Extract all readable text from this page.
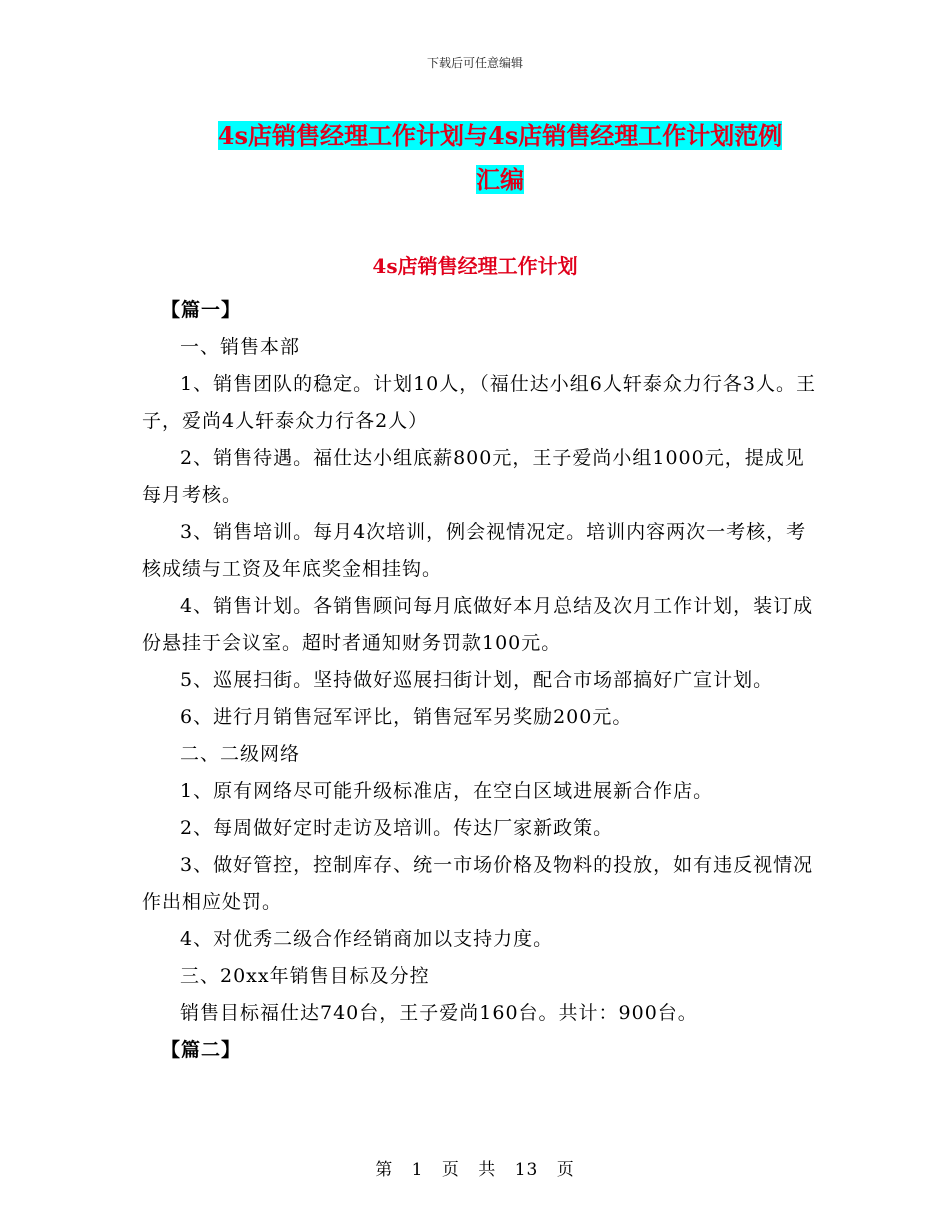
下载后可任意编辑
4s店销售经理工作计划与4s店销售经理工作计划范例
汇编
4s店销售经理工作计划

【篇一】

一、销售本部

1、销售团队的稳定。计划10人，（福仕达小组6人轩泰众力行各3人。王子，爱尚4人轩泰众力行各2人）

2、销售待遇。福仕达小组底薪800元，王子爱尚小组1000元，提成见每月考核。

3、销售培训。每月4次培训，例会视情况定。培训内容两次一考核，考核成绩与工资及年底奖金相挂钩。

4、销售计划。各销售顾问每月底做好本月总结及次月工作计划，装订成份悬挂于会议室。超时者通知财务罚款100元。

5、巡展扫街。坚持做好巡展扫街计划，配合市场部搞好广宣计划。

6、进行月销售冠军评比，销售冠军另奖励200元。

二、二级网络

1、原有网络尽可能升级标准店，在空白区域进展新合作店。

2、每周做好定时走访及培训。传达厂家新政策。

3、做好管控，控制库存、统一市场价格及物料的投放，如有违反视情况作出相应处罚。

4、对优秀二级合作经销商加以支持力度。

三、20xx年销售目标及分控

销售目标福仕达740台，王子爱尚160台。共计：900台。

【篇二】

第 1 页 共 13 页
